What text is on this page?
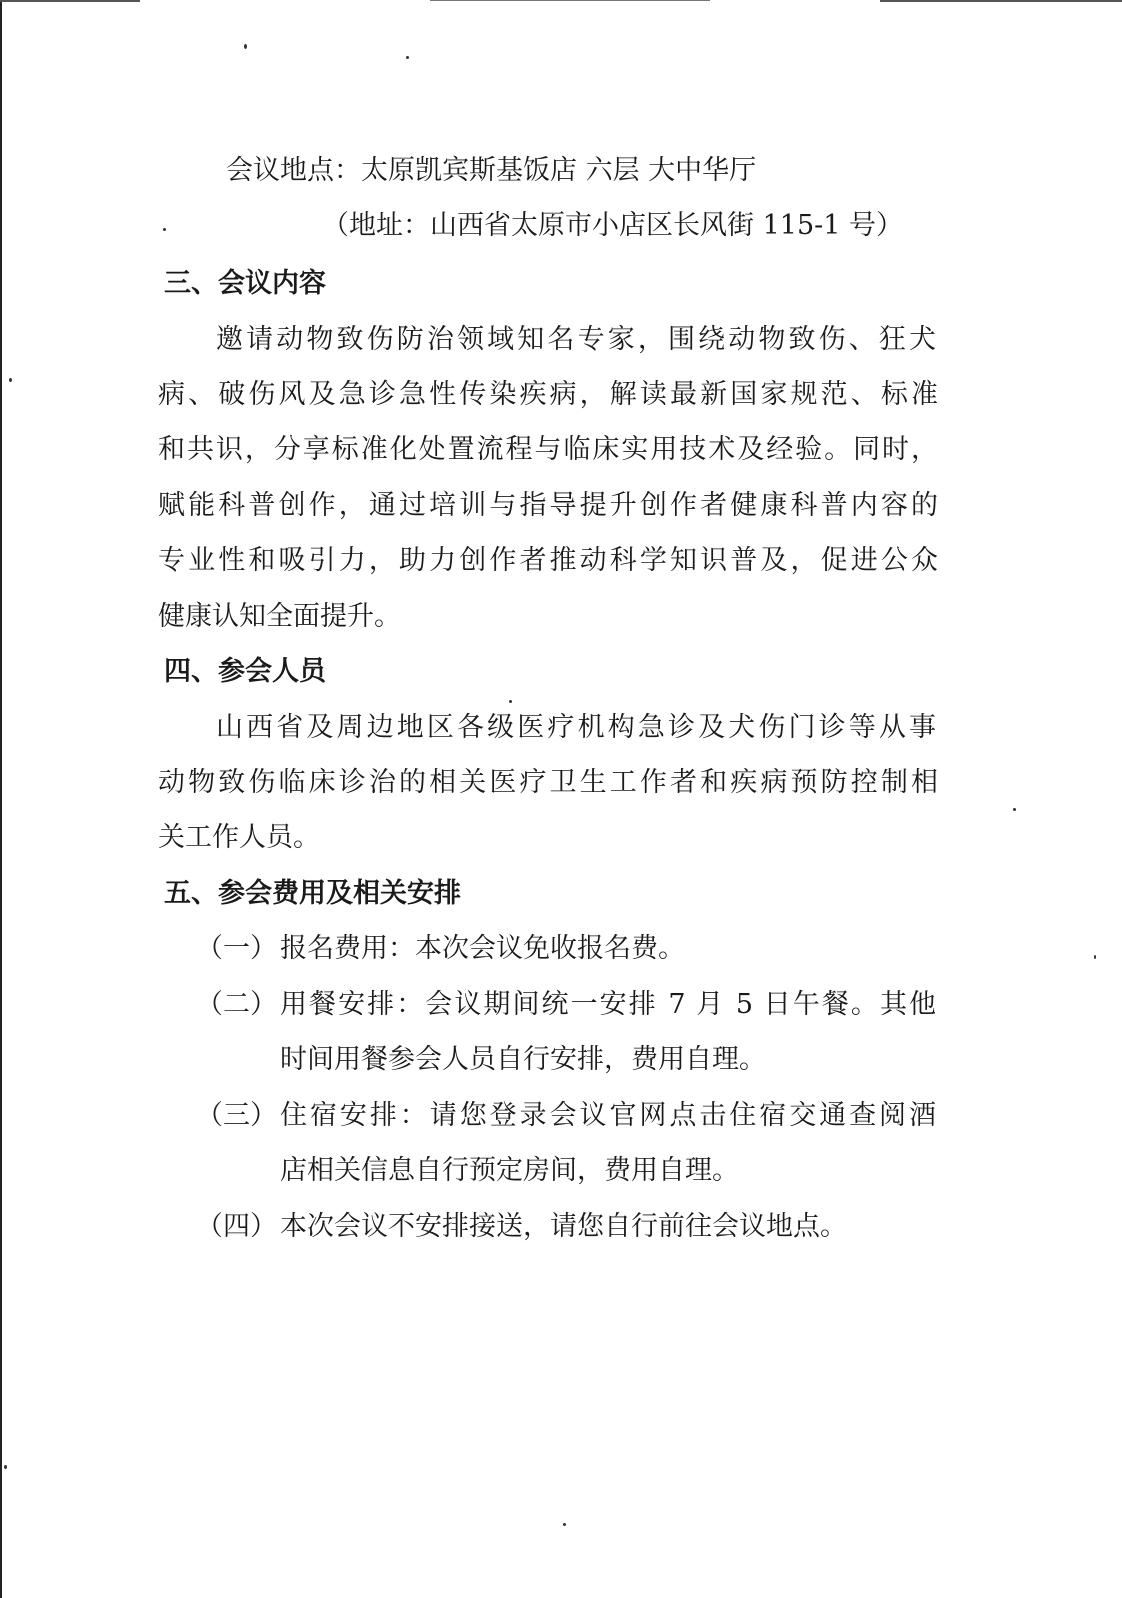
会议地点：太原凯宾斯基饭店 六层 大中华厅
（地址：山西省太原市小店区长风街 115-1 号）
三、会议内容
邀请动物致伤防治领域知名专家，围绕动物致伤、狂犬
病、破伤风及急诊急性传染疾病，解读最新国家规范、标准
和共识，分享标准化处置流程与临床实用技术及经验。同时，
赋能科普创作，通过培训与指导提升创作者健康科普内容的
专业性和吸引力，助力创作者推动科学知识普及，促进公众
健康认知全面提升。
四、参会人员
山西省及周边地区各级医疗机构急诊及犬伤门诊等从事
动物致伤临床诊治的相关医疗卫生工作者和疾病预防控制相
关工作人员。
五、参会费用及相关安排
（一） 报名费用：本次会议免收报名费。
（二） 用餐安排：会议期间统一安排 7 月 5 日午餐。其他
时间用餐参会人员自行安排，费用自理。
（三） 住宿安排：请您登录会议官网点击住宿交通查阅酒
店相关信息自行预定房间，费用自理。
（四） 本次会议不安排接送，请您自行前往会议地点。
